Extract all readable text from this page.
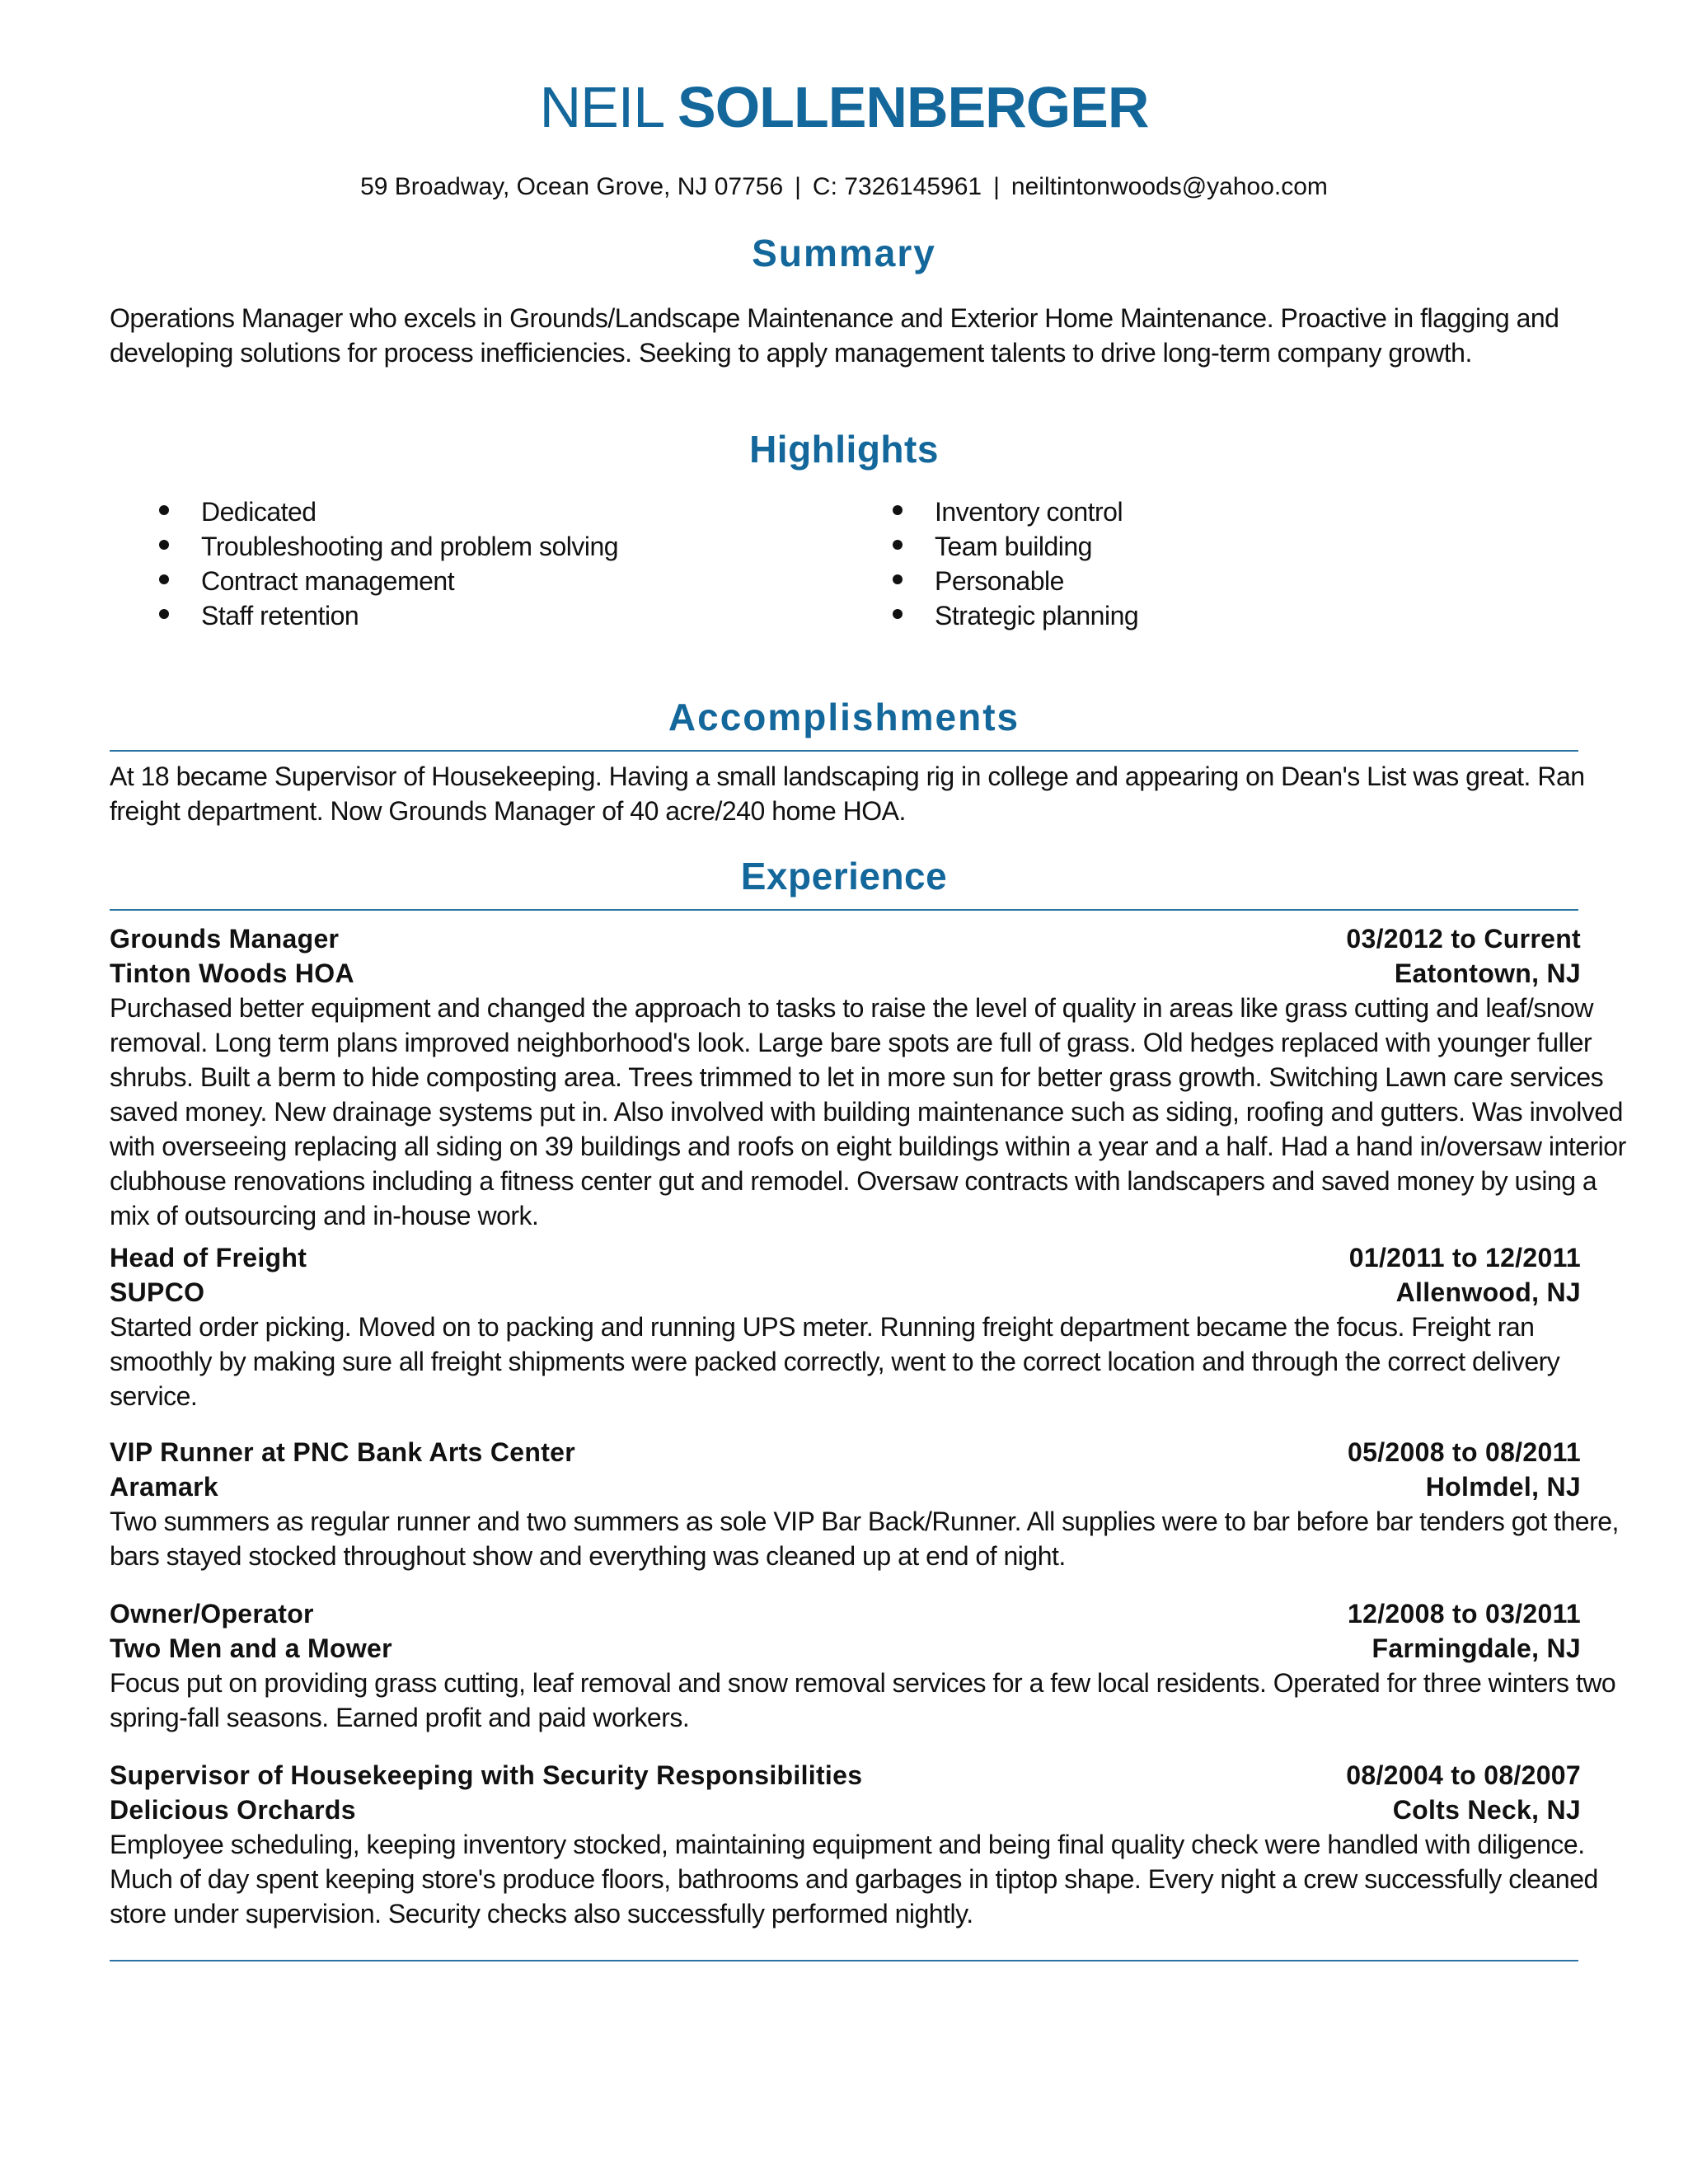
NEIL SOLLENBERGER
59 Broadway, Ocean Grove, NJ 07756 | C: 7326145961 | neiltintonwoods@yahoo.com
Summary

Operations Manager who excels in Grounds/Landscape Maintenance and Exterior Home Maintenance. Proactive in flagging and developing solutions for process inefficiencies. Seeking to apply management talents to drive long-term company growth.

Highlights
Dedicated
Troubleshooting and problem solving
Contract management
Staff retention
Inventory control
Team building
Personable
Strategic planning
Accomplishments

At 18 became Supervisor of Housekeeping. Having a small landscaping rig in college and appearing on Dean's List was great. Ran freight department. Now Grounds Manager of 40 acre/240 home HOA.

Experience
Grounds Manager	03/2012 to Current
Tinton Woods HOA	Eatontown, NJ

Purchased better equipment and changed the approach to tasks to raise the level of quality in areas like grass cutting and leaf/snow removal. Long term plans improved neighborhood's look. Large bare spots are full of grass. Old hedges replaced with younger fuller shrubs. Built a berm to hide composting area. Trees trimmed to let in more sun for better grass growth. Switching Lawn care services saved money. New drainage systems put in. Also involved with building maintenance such as siding, roofing and gutters. Was involved with overseeing replacing all siding on 39 buildings and roofs on eight buildings within a year and a half. Had a hand in/oversaw interior clubhouse renovations including a fitness center gut and remodel. Oversaw contracts with landscapers and saved money by using a mix of outsourcing and in-house work.

Head of Freight	01/2011 to 12/2011
SUPCO	Allenwood, NJ

Started order picking. Moved on to packing and running UPS meter. Running freight department became the focus. Freight ran smoothly by making sure all freight shipments were packed correctly, went to the correct location and through the correct delivery service.

VIP Runner at PNC Bank Arts Center	05/2008 to 08/2011
Aramark	Holmdel, NJ

Two summers as regular runner and two summers as sole VIP Bar Back/Runner. All supplies were to bar before bar tenders got there, bars stayed stocked throughout show and everything was cleaned up at end of night.

Owner/Operator	12/2008 to 03/2011
Two Men and a Mower	Farmingdale, NJ

Focus put on providing grass cutting, leaf removal and snow removal services for a few local residents. Operated for three winters two spring-fall seasons. Earned profit and paid workers.

Supervisor of Housekeeping with Security Responsibilities	08/2004 to 08/2007
Delicious Orchards	Colts Neck, NJ

Employee scheduling, keeping inventory stocked, maintaining equipment and being final quality check were handled with diligence. Much of day spent keeping store's produce floors, bathrooms and garbages in tiptop shape. Every night a crew successfully cleaned store under supervision. Security checks also successfully performed nightly.
